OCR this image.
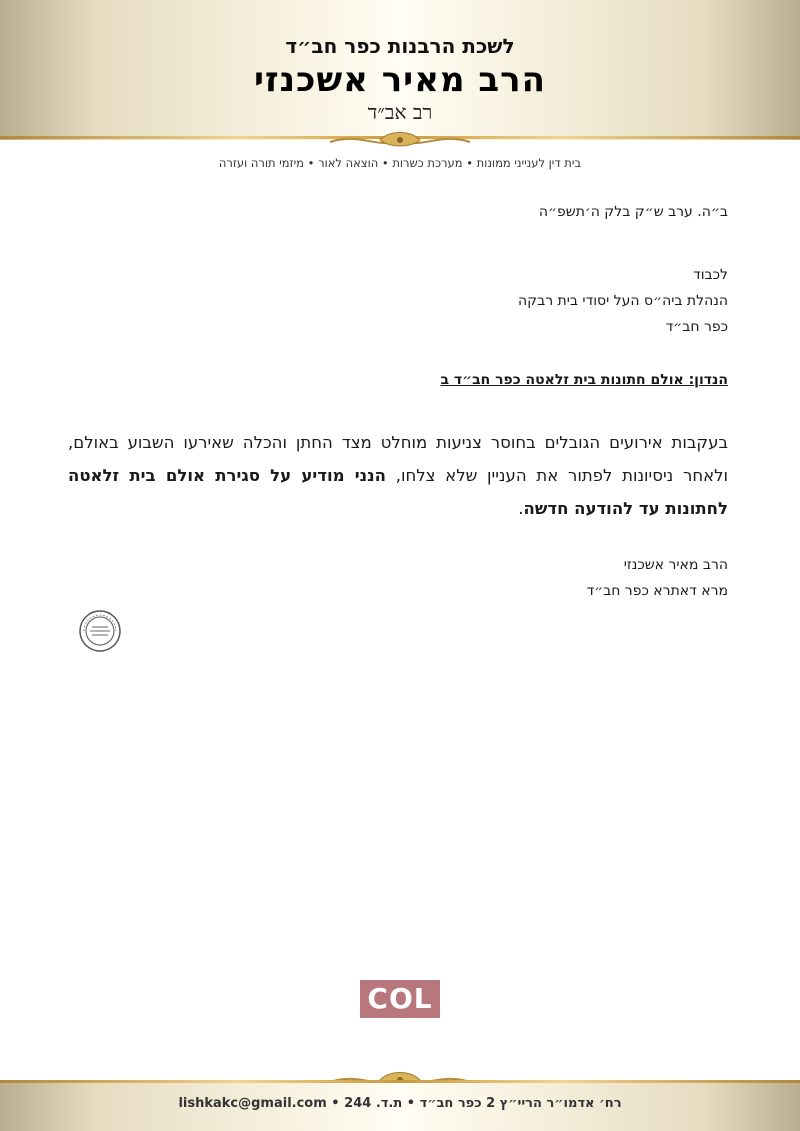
לשכת הרבנות כפר חב״ד
הרב מאיר אשכנזי
רב אב״ד
בית דין לענייני ממונות • מערכת כשרות • הוצאה לאור • מיזמי תורה ועזרה
ב״ה. ערב ש״ק בלק ה׳תשפ״ה
לכבוד
הנהלת ביה״ס העל יסודי בית רבקה
כפר חב״ד
הנדון: אולם חתונות בית זלאטה כפר חב״ד ב
בעקבות אירועים הגובלים בחוסר צניעות מוחלט מצד החתן והכלה שאירעו השבוע באולם, ולאחר ניסיונות לפתור את העניין שלא צלחו, הנני מודיע על סגירת אולם בית זלאטה לחתונות עד להודעה חדשה.
הרב מאיר אשכנזי
מרא דאתרא כפר חב״ד
COL
רח׳ אדמו״ר הריי״ץ 2 כפר חב״ד • ת.ד. 244 • lishkakc@gmail.com
